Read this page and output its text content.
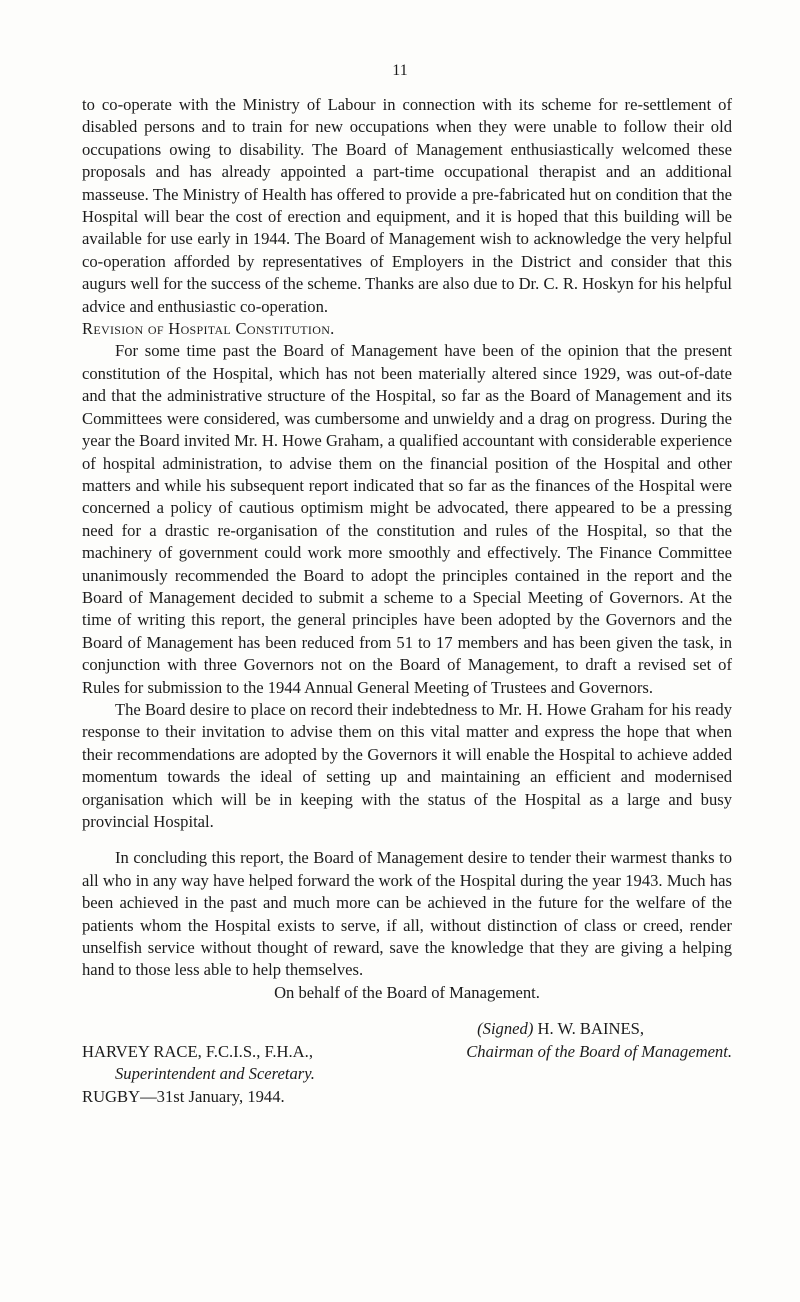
11

to co-operate with the Ministry of Labour in connection with its scheme for re-settlement of disabled persons and to train for new occupations when they were unable to follow their old occupations owing to disability. The Board of Management enthusiastically welcomed these proposals and has already appointed a part-time occupational therapist and an additional masseuse. The Ministry of Health has offered to provide a pre-fabricated hut on condition that the Hospital will bear the cost of erection and equipment, and it is hoped that this building will be available for use early in 1944. The Board of Management wish to acknowledge the very helpful co-operation afforded by representatives of Employers in the District and consider that this augurs well for the success of the scheme. Thanks are also due to Dr. C. R. Hoskyn for his helpful advice and enthusiastic co-operation.

Revision of Hospital Constitution.

For some time past the Board of Management have been of the opinion that the present constitution of the Hospital, which has not been materially altered since 1929, was out-of-date and that the administrative structure of the Hospital, so far as the Board of Management and its Committees were considered, was cumbersome and unwieldy and a drag on progress. During the year the Board invited Mr. H. Howe Graham, a qualified accountant with considerable experience of hospital administration, to advise them on the financial position of the Hospital and other matters and while his subsequent report indicated that so far as the finances of the Hospital were concerned a policy of cautious optimism might be advocated, there appeared to be a pressing need for a drastic re-organisation of the constitution and rules of the Hospital, so that the machinery of government could work more smoothly and effectively. The Finance Committee unanimously recommended the Board to adopt the principles contained in the report and the Board of Management decided to submit a scheme to a Special Meeting of Governors. At the time of writing this report, the general principles have been adopted by the Governors and the Board of Management has been reduced from 51 to 17 members and has been given the task, in conjunction with three Governors not on the Board of Management, to draft a revised set of Rules for submission to the 1944 Annual General Meeting of Trustees and Governors.

The Board desire to place on record their indebtedness to Mr. H. Howe Graham for his ready response to their invitation to advise them on this vital matter and express the hope that when their recommendations are adopted by the Governors it will enable the Hospital to achieve added momentum towards the ideal of setting up and maintaining an efficient and modernised organisation which will be in keeping with the status of the Hospital as a large and busy provincial Hospital.

In concluding this report, the Board of Management desire to tender their warmest thanks to all who in any way have helped forward the work of the Hospital during the year 1943. Much has been achieved in the past and much more can be achieved in the future for the welfare of the patients whom the Hospital exists to serve, if all, without distinction of class or creed, render unselfish service without thought of reward, save the knowledge that they are giving a helping hand to those less able to help themselves.

On behalf of the Board of Management.

(Signed) H. W. BAINES,
Chairman of the Board of Management.
HARVEY RACE, F.C.I.S., F.H.A.,
Superintendent and Sceretary.
RUGBY—31st January, 1944.
